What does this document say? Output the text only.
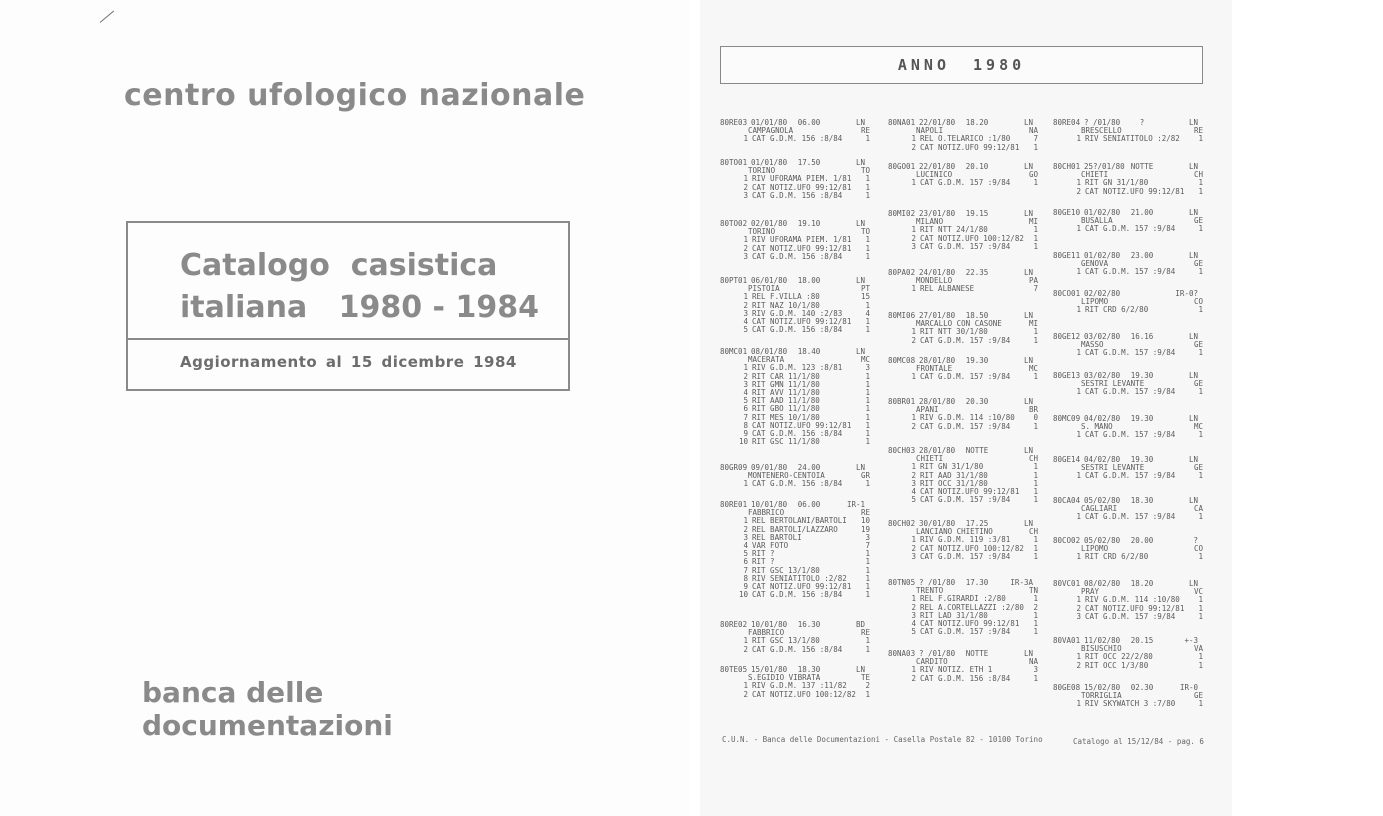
centro ufologico nazionale
Catalogo  casistica
italiana   1980 - 1984
Aggiornamento al 15 dicembre 1984
banca delle documentazioni
ANNO 1980
80RE03 01/01/80	06.00	LN
CAMPAGNOLA	RE
1 CAT G.D.M. 156 :8/84	1
80TO01 01/01/80	17.50	LN
TORINO	TO
1 RIV UFORAMA PIEM. 1/81	1
2 CAT NOTIZ.UFO 99:12/81	1
3 CAT G.D.M. 156 :8/84	1
80TO02 02/01/80	19.10	LN
TORINO	TO
1 RIV UFORAMA PIEM. 1/81	1
2 CAT NOTIZ.UFO 99:12/81	1
3 CAT G.D.M. 156 :8/84	1
80PT01 06/01/80	18.00	LN
PISTOIA	PT
1 REL F.VILLA :80	15
2 RIT NAZ 10/1/80	1
3 RIV G.D.M. 140 :2/83	4
4 CAT NOTIZ.UFO 99:12/81	1
5 CAT G.D.M. 156 :8/84	1
80MC01 08/01/80	18.40	LN
MACERATA	MC
1 RIV G.D.M. 123 :8/81	3
2 RIT CAR 11/1/80	1
3 RIT GMN 11/1/80	1
4 RIT AVV 11/1/80	1
5 RIT AAD 11/1/80	1
6 RIT GBO 11/1/80	1
7 RIT MES 10/1/80	1
8 CAT NOTIZ.UFO 99:12/81	1
9 CAT G.D.M. 156 :8/84	1
10 RIT GSC 11/1/80	1
80GR09 09/01/80	24.00	LN
MONTENERO-CENTOIA	GR
1 CAT G.D.M. 156 :8/84	1
80RE01 10/01/80	06.00	IR-1
FABBRICO	RE
1 REL BERTOLANI/BARTOLI	10
2 REL BARTOLI/LAZZARO	19
3 REL BARTOLI	3
4 VAR FOTO	7
5 RIT ?	1
6 RIT ?	1
7 RIT GSC 13/1/80	1
8 RIV SENIATITOLO :2/82	1
9 CAT NOTIZ.UFO 99:12/81	1
10 CAT G.D.M. 156 :8/84	1
80RE02 10/01/80	16.30	BD
FABBRICO	RE
1 RIT GSC 13/1/80	1
2 CAT G.D.M. 156 :8/84	1
80TE05 15/01/80	18.30	LN
S.EGIDIO VIBRATA	TE
1 RIV G.D.M. 137 :11/82	2
2 CAT NOTIZ.UFO 100:12/82	1
80NA01 22/01/80	18.20	LN
NAPOLI	NA
1 REL O.TELARICO :1/80	7
2 CAT NOTIZ.UFO 99:12/81	1
80GO01 22/01/80	20.10	LN
LUCINICO	GO
1 CAT G.D.M. 157 :9/84	1
80MI02 23/01/80	19.15	LN
MILANO	MI
1 RIT NTT 24/1/80	1
2 CAT NOTIZ.UFO 100:12/82	1
3 CAT G.D.M. 157 :9/84	1
80PA02 24/01/80	22.35	LN
MONDELLO	PA
1 REL ALBANESE	7
80MI06 27/01/80	18.50	LN
MARCALLO CON CASONE	MI
1 RIT NTT 30/1/80	1
2 CAT G.D.M. 157 :9/84	1
80MC08 28/01/80	19.30	LN
FRONTALE	MC
1 CAT G.D.M. 157 :9/84	1
80BR01 28/01/80	20.30	LN
APANI	BR
1 RIV G.D.M. 114 :10/80	0
2 CAT G.D.M. 157 :9/84	1
80CH03 28/01/80	NOTTE	LN
CHIETI	CH
1 RIT GN 31/1/80	1
2 RIT AAD 31/1/80	1
3 RIT OCC 31/1/80	1
4 CAT NOTIZ.UFO 99:12/81	1
5 CAT G.D.M. 157 :9/84	1
80CH02 30/01/80	17.25	LN
LANCIANO CHIETINO	CH
1 RIV G.D.M. 119 :3/81	1
2 CAT NOTIZ.UFO 100:12/82	1
3 CAT G.D.M. 157 :9/84	1
80TN05 ? /01/80	17.30	IR-3A
TRENTO	TN
1 REL F.GIRARDI :2/80	1
2 REL A.CORTELLAZZI :2/80	2
3 RIT LAD 31/1/80	1
4 CAT NOTIZ.UFO 99:12/81	1
5 CAT G.D.M. 157 :9/84	1
80NA03 ? /01/80	NOTTE	LN
CARDITO	NA
1 RIV NOTIZ. ETH 1	3
2 CAT G.D.M. 156 :8/84	1
80RE04 ? /01/80	?	LN
BRESCELLO	RE
1 RIV SENIATITOLO :2/82	1
80CH01 25?/01/80 NOTTE	LN
CHIETI	CH
1 RIT GN 31/1/80	1
2 CAT NOTIZ.UFO 99:12/81	1
80GE10 01/02/80	21.00	LN
BUSALLA	GE
1 CAT G.D.M. 157 :9/84	1
80GE11 01/02/80	23.00	LN
GENOVA	GE
1 CAT G.D.M. 157 :9/84	1
80CO01 02/02/80	IR-0?
LIPOMO	CO
1 RIT CRD 6/2/80	1
80GE12 03/02/80	16.16	LN
MASSO	GE
1 CAT G.D.M. 157 :9/84	1
80GE13 03/02/80	19.30	LN
SESTRI LEVANTE	GE
1 CAT G.D.M. 157 :9/84	1
80MC09 04/02/80	19.30	LN
S. MANO	MC
1 CAT G.D.M. 157 :9/84	1
80GE14 04/02/80	19.30	LN
SESTRI LEVANTE	GE
1 CAT G.D.M. 157 :9/84	1
80CA04 05/02/80	18.30	LN
CAGLIARI	CA
1 CAT G.D.M. 157 :9/84	1
80CO02 05/02/80	20.00	?
LIPOMO	CO
1 RIT CRD 6/2/80	1
80VC01 08/02/80	18.20	LN
PRAY	VC
1 RIV G.D.M. 114 :10/80	1
2 CAT NOTIZ.UFO 99:12/81	1
3 CAT G.D.M. 157 :9/84	1
80VA01 11/02/80	20.15	+-3
BISUSCHIO	VA
1 RIT OCC 22/2/80	1
2 RIT OCC 1/3/80	1
80GE08 15/02/80	02.30	IR-0
TORRIGLIA	GE
1 RIV SKYWATCH 3 :7/80	1
C.U.N. - Banca delle Documentazioni - Casella Postale 82 - 10100 Torino	Catalogo al 15/12/84 - pag. 6
